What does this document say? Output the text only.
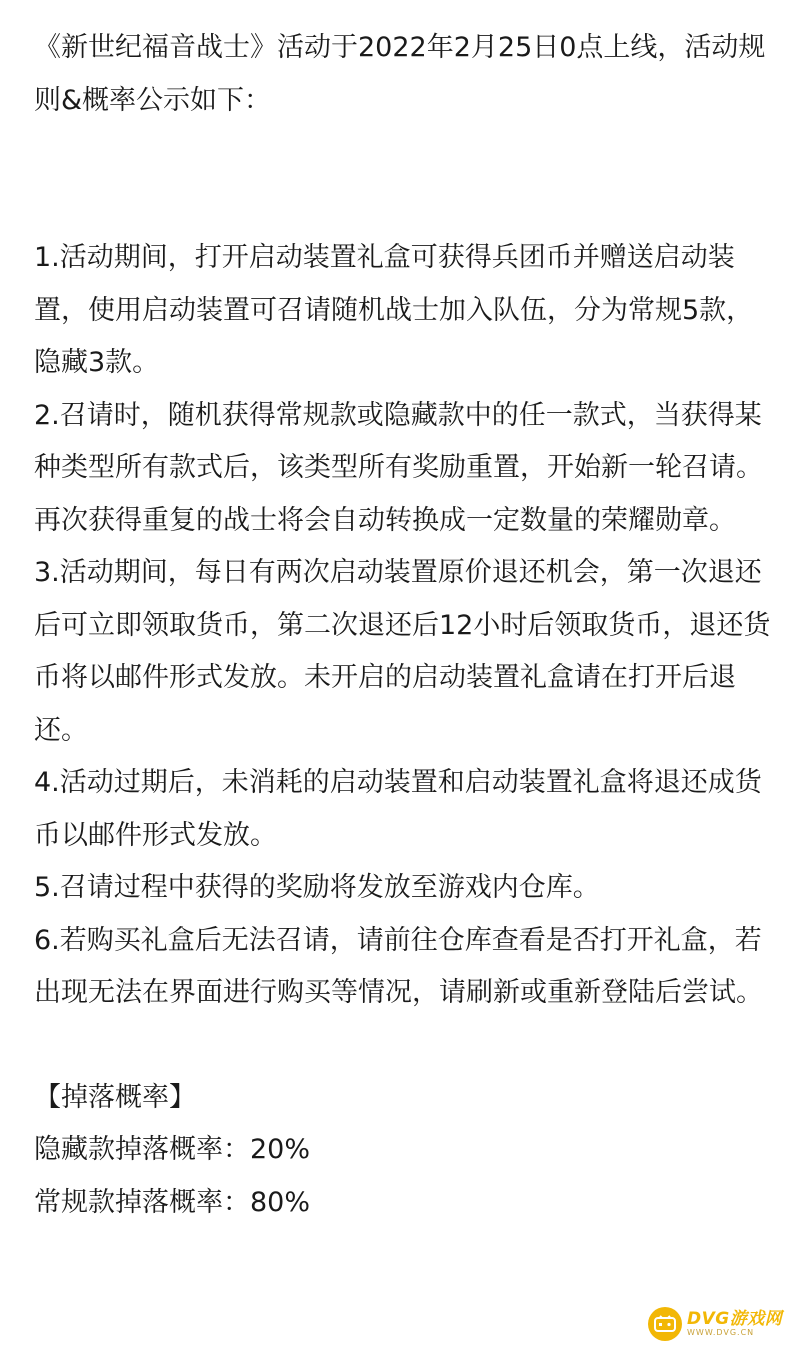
《新世纪福音战士》活动于2022年2月25日0点上线，活动规则&概率公示如下：

1.活动期间，打开启动装置礼盒可获得兵团币并赠送启动装置，使用启动装置可召请随机战士加入队伍，分为常规5款，隐藏3款。

2.召请时，随机获得常规款或隐藏款中的任一款式，当获得某种类型所有款式后，该类型所有奖励重置，开始新一轮召请。再次获得重复的战士将会自动转换成一定数量的荣耀勋章。

3.活动期间，每日有两次启动装置原价退还机会，第一次退还后可立即领取货币，第二次退还后12小时后领取货币，退还货币将以邮件形式发放。未开启的启动装置礼盒请在打开后退还。

4.活动过期后，未消耗的启动装置和启动装置礼盒将退还成货币以邮件形式发放。

5.召请过程中获得的奖励将发放至游戏内仓库。

6.若购买礼盒后无法召请，请前往仓库查看是否打开礼盒，若出现无法在界面进行购买等情况，请刷新或重新登陆后尝试。

【掉落概率】

隐藏款掉落概率：20%

常规款掉落概率：80%

DVG游戏网
WWW.DVG.CN
